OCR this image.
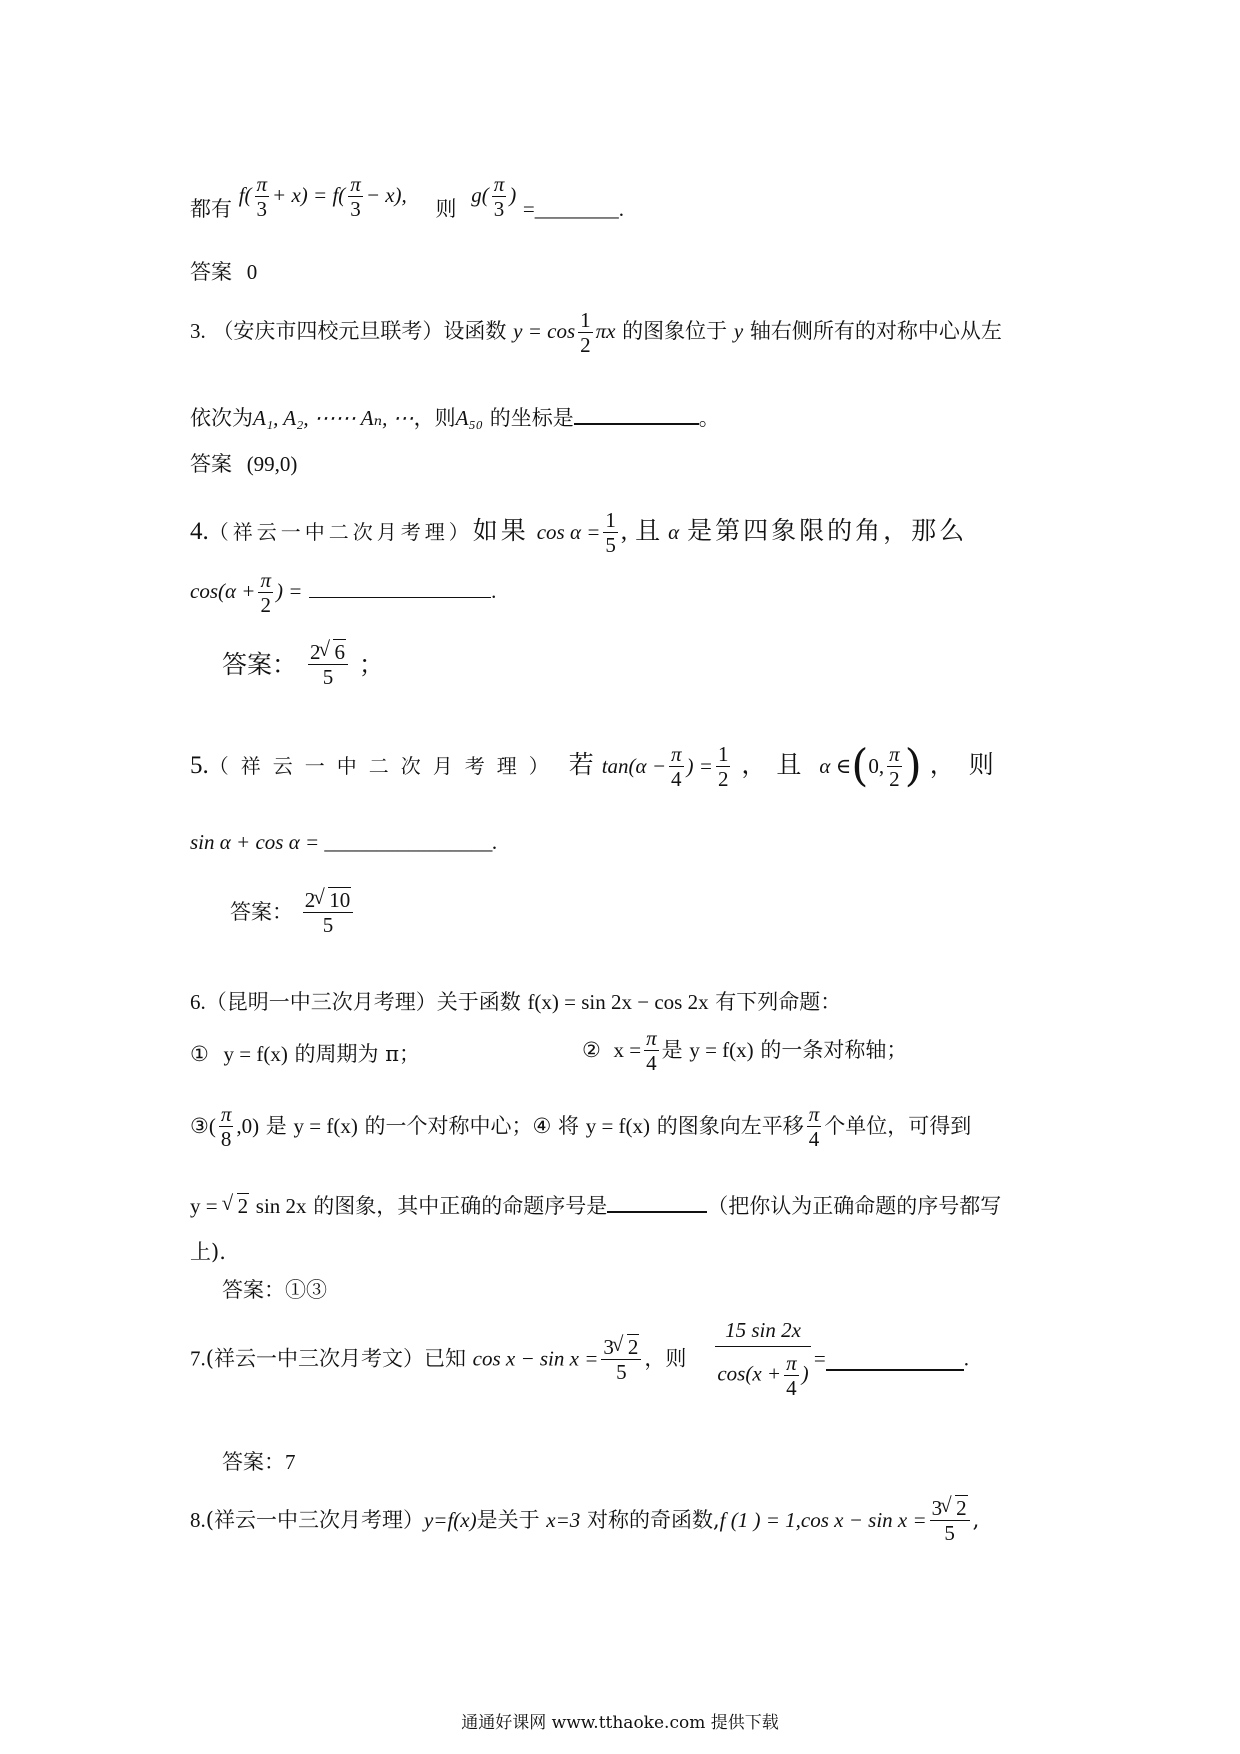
都有 $f( \frac{\pi}{3} + x) = f( \frac{\pi}{3} - x)$, 则 $g( \frac{\pi}{3}$ ) =________.
答案 0
3. （安庆市四校元旦联考）设函数 $y = \cos \frac{1}{2}$ πx 的图象位于 y 轴右侧所有的对称中心从左
依次为A₁, A₂, ⋯⋯ Aₙ, ⋯，则A₅₀ 的坐标是	。
答案 (99,0)
4.（祥云一中二次月考理）如果 $\cos \alpha = \frac{1}{5}$ , 且 α 是第四象限的角，那么
$\cos(\alpha + \frac{\pi}{2}$ ) =	.
答案： $\frac{2 √ 6}{5}$ ；
5.（祥云一中二次月考理） 若 $\tan(\alpha - \frac{\pi}{4}$ ) = $\frac{1}{2}$ ，且 α ∈(0, $\frac{\pi}{2}$ ) ，则
sin α + cos α = ________________.
答案： $\frac{2 √ 10}{5}$
6.（昆明一中三次月考理）关于函数 f(x) = sin 2x − cos 2x 有下列命题：
① y = f(x) 的周期为 π；	② $x = \frac{\pi}{4}$ 是 y = f(x) 的一条对称轴；
③( $\frac{\pi}{8} ,0$) 是 y = f(x) 的一个对称中心；④ 将 y = f(x) 的图象向左平移 $\frac{\pi}{4}$ 个单位，可得到
y = √ 2 sin 2x 的图象，其中正确的命题序号是	（把你认为正确命题的序号都写
上).
答案：①③
7.(祥云一中三次月考文）已知 $\cos x - \sin x = \frac{3 √ 2}{5}$ ，则 $\frac{15 \sin 2x}{\cos(x + \frac{\pi}{4} )}$ =	.
答案：7
8.(祥云一中三次月考理）y=f(x)是关于 x=3 对称的奇函数,f (1 ) = 1,cos $x - \sin x = \frac{3 √ 2}{5}$ ,
通通好课网 www.tthaoke.com 提供下载
